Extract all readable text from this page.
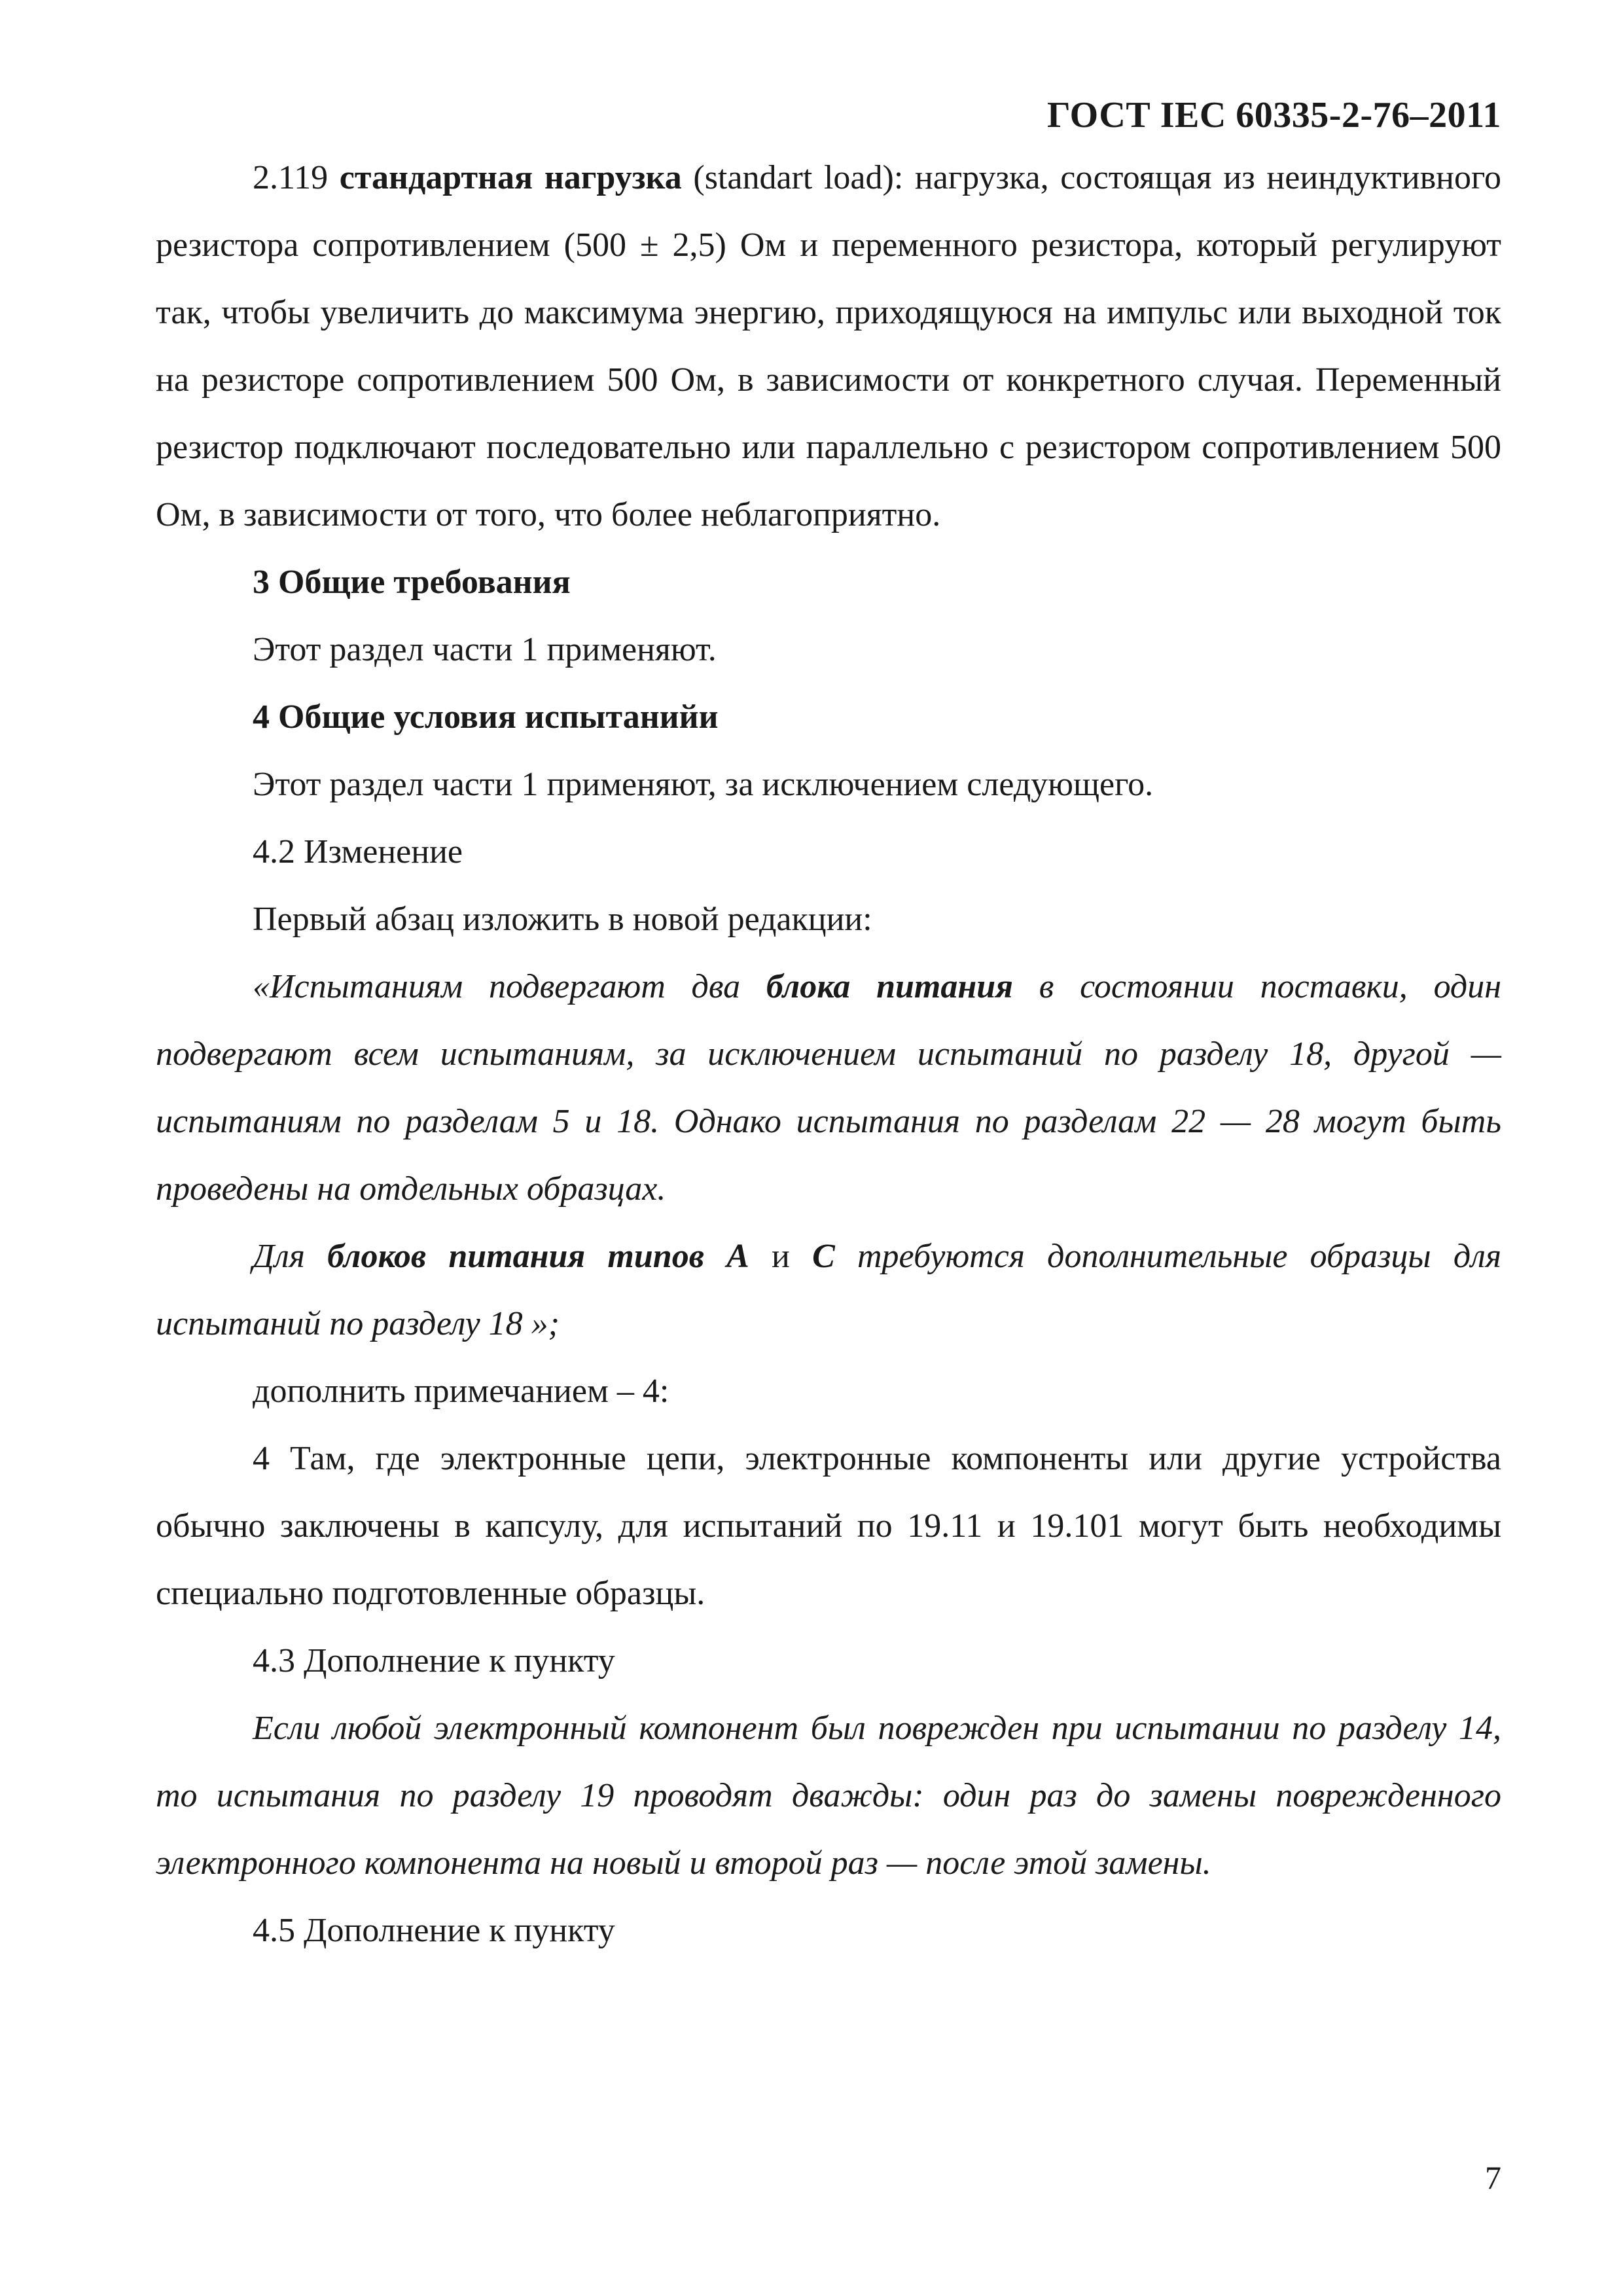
ГОСТ IEC 60335-2-76–2011

2.119 стандартная нагрузка (standart load): нагрузка, состоящая из неиндуктивного резистора сопротивлением (500 ± 2,5) Ом и переменного резистора, который регулируют так, чтобы увеличить до максимума энергию, приходящуюся на импульс или выходной ток на резисторе сопротивлением 500 Ом, в зависимости от конкретного случая. Переменный резистор подключают последовательно или параллельно с резистором сопротивлением 500 Ом, в зависимости от того, что более неблагоприятно.

3 Общие требования

Этот раздел части 1 применяют.

4 Общие условия испытанийи

Этот раздел части 1 применяют, за исключением следующего.

4.2 Изменение

Первый абзац изложить в новой редакции:

«Испытаниям подвергают два блока питания в состоянии поставки, один подвергают всем испытаниям, за исключением испытаний по разделу 18, другой — испытаниям по разделам 5 и 18. Однако испытания по разделам 22 — 28 могут быть проведены на отдельных образцах.

Для блоков питания типов А и С требуются дополнительные образцы для испытаний по разделу 18 »;

дополнить примечанием – 4:

4 Там, где электронные цепи, электронные компоненты или другие устройства обычно заключены в капсулу, для испытаний по 19.11 и 19.101 могут быть необходимы специально подготовленные образцы.

4.3 Дополнение к пункту

Если любой электронный компонент был поврежден при испытании по разделу 14, то испытания по разделу 19 проводят дважды: один раз до замены поврежденного электронного компонента на новый и второй раз — после этой замены.

4.5 Дополнение к пункту

7
